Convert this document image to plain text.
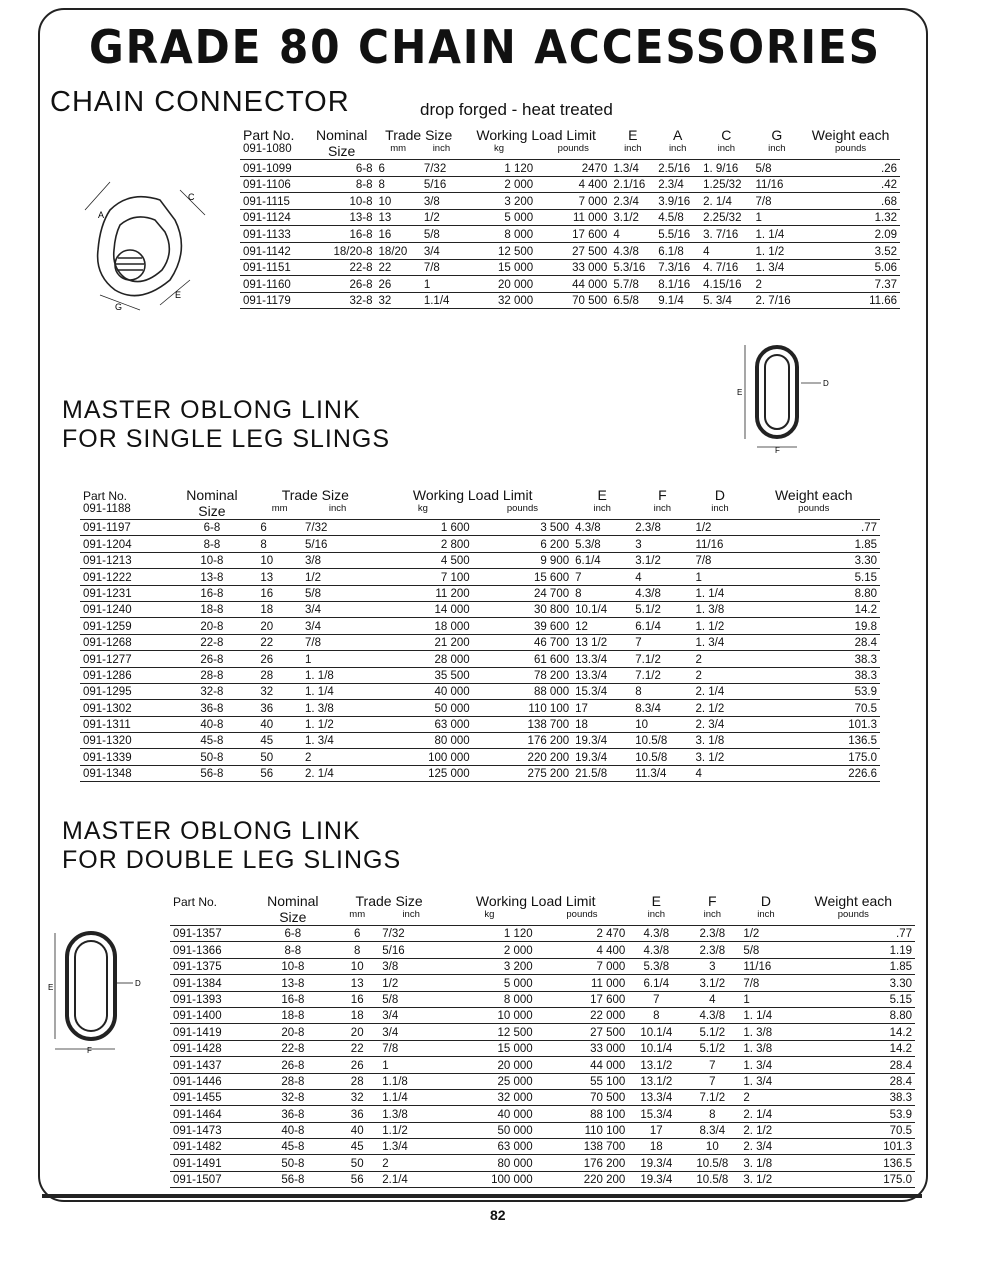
GRADE 80 CHAIN ACCESSORIES
CHAIN CONNECTOR	drop forged - heat treated
A
C
G
E
Part No.	Nominal	Trade Size		Working Load Limit		E	A	C	G	Weight each
091-1080	Size	mm	inch	kg	pounds	inch	inch	inch	inch	pounds
091-1099	6-8	6	7/32	1 120	2470	1.3/4	2.5/16	1. 9/16	5/8	.26
091-1106	8-8	8	5/16	2 000	4 400	2.1/16	2.3/4	1.25/32	11/16	.42
091-1115	10-8	10	3/8	3 200	7 000	2.3/4	3.9/16	2. 1/4	7/8	.68
091-1124	13-8	13	1/2	5 000	11 000	3.1/2	4.5/8	2.25/32	1	1.32
091-1133	16-8	16	5/8	8 000	17 600	4	5.5/16	3. 7/16	1. 1/4	2.09
091-1142	18/20-8	18/20	3/4	12 500	27 500	4.3/8	6.1/8	4	1. 1/2	3.52
091-1151	22-8	22	7/8	15 000	33 000	5.3/16	7.3/16	4. 7/16	1. 3/4	5.06
091-1160	26-8	26	1	20 000	44 000	5.7/8	8.1/16	4.15/16	2	7.37
091-1179	32-8	32	1.1/4	32 000	70 500	6.5/8	9.1/4	5. 3/4	2. 7/16	11.66
E
F
D
MASTER OBLONG LINK
FOR SINGLE LEG SLINGS
Part No.	Nominal	Trade Size		Working Load Limit		E	F	D	Weight each
091-1188	Size	mm	inch	kg	pounds	inch	inch	inch	pounds
091-1197	6-8	6	7/32	1 600	3 500	4.3/8	2.3/8	1/2	.77
091-1204	8-8	8	5/16	2 800	6 200	5.3/8	3	11/16	1.85
091-1213	10-8	10	3/8	4 500	9 900	6.1/4	3.1/2	7/8	3.30
091-1222	13-8	13	1/2	7 100	15 600	7	4	1	5.15
091-1231	16-8	16	5/8	11 200	24 700	8	4.3/8	1. 1/4	8.80
091-1240	18-8	18	3/4	14 000	30 800	10.1/4	5.1/2	1. 3/8	14.2
091-1259	20-8	20	3/4	18 000	39 600	12	6.1/4	1. 1/2	19.8
091-1268	22-8	22	7/8	21 200	46 700	13 1/2	7	1. 3/4	28.4
091-1277	26-8	26	1	28 000	61 600	13.3/4	7.1/2	2	38.3
091-1286	28-8	28	1. 1/8	35 500	78 200	13.3/4	7.1/2	2	38.3
091-1295	32-8	32	1. 1/4	40 000	88 000	15.3/4	8	2. 1/4	53.9
091-1302	36-8	36	1. 3/8	50 000	110 100	17	8.3/4	2. 1/2	70.5
091-1311	40-8	40	1. 1/2	63 000	138 700	18	10	2. 3/4	101.3
091-1320	45-8	45	1. 3/4	80 000	176 200	19.3/4	10.5/8	3. 1/8	136.5
091-1339	50-8	50	2	100 000	220 200	19.3/4	10.5/8	3. 1/2	175.0
091-1348	56-8	56	2. 1/4	125 000	275 200	21.5/8	11.3/4	4	226.6
MASTER OBLONG LINK
FOR DOUBLE LEG SLINGS
E
F
D
Part No.	Nominal	Trade Size		Working Load Limit		E	F	D	Weight each
	Size	mm	inch	kg	pounds	inch	inch	inch	pounds
091-1357	6-8	6	7/32	1 120	2 470	4.3/8	2.3/8	1/2	.77
091-1366	8-8	8	5/16	2 000	4 400	4.3/8	2.3/8	5/8	1.19
091-1375	10-8	10	3/8	3 200	7 000	5.3/8	3	11/16	1.85
091-1384	13-8	13	1/2	5 000	11 000	6.1/4	3.1/2	7/8	3.30
091-1393	16-8	16	5/8	8 000	17 600	7	4	1	5.15
091-1400	18-8	18	3/4	10 000	22 000	8	4.3/8	1. 1/4	8.80
091-1419	20-8	20	3/4	12 500	27 500	10.1/4	5.1/2	1. 3/8	14.2
091-1428	22-8	22	7/8	15 000	33 000	10.1/4	5.1/2	1. 3/8	14.2
091-1437	26-8	26	1	20 000	44 000	13.1/2	7	1. 3/4	28.4
091-1446	28-8	28	1.1/8	25 000	55 100	13.1/2	7	1. 3/4	28.4
091-1455	32-8	32	1.1/4	32 000	70 500	13.3/4	7.1/2	2	38.3
091-1464	36-8	36	1.3/8	40 000	88 100	15.3/4	8	2. 1/4	53.9
091-1473	40-8	40	1.1/2	50 000	110 100	17	8.3/4	2. 1/2	70.5
091-1482	45-8	45	1.3/4	63 000	138 700	18	10	2. 3/4	101.3
091-1491	50-8	50	2	80 000	176 200	19.3/4	10.5/8	3. 1/8	136.5
091-1507	56-8	56	2.1/4	100 000	220 200	19.3/4	10.5/8	3. 1/2	175.0
82
